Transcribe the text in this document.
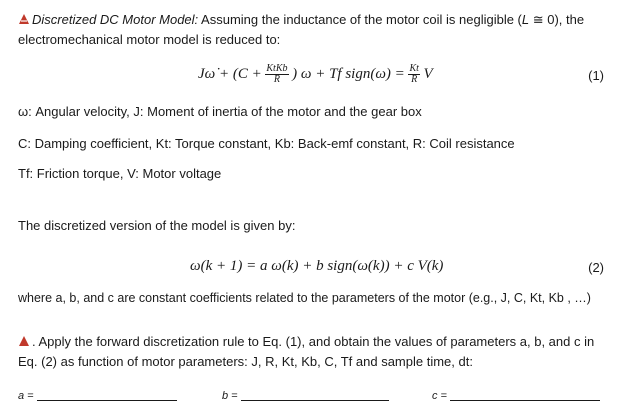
Discretized DC Motor Model: Assuming the inductance of the motor coil is negligible (L ≅ 0), the
electromechanical motor model is reduced to:
Jω̇ + ($C + \frac{\text{KtKb}}{R}$ ) ω + Tf sign(ω) = $\frac{Kt}{R}$ V	(1)
ω: Angular velocity, J: Moment of inertia of the motor and the gear box
C: Damping coefficient, Kt: Torque constant, Kb: Back-emf constant, R: Coil resistance
Tf: Friction torque, V: Motor voltage
The discretized version of the model is given by:
ω(k + 1) = a ω(k) + b sign(ω(k)) + c V(k)	(2)
where a, b, and c are constant coefficients related to the parameters of the motor (e.g., J, C, Kt, Kb , …)
. Apply the forward discretization rule to Eq. (1), and obtain the values of parameters a, b, and c in
Eq. (2) as function of motor parameters: J, R, Kt, Kb, C, Tf and sample time, dt:
a =	b =	c =
